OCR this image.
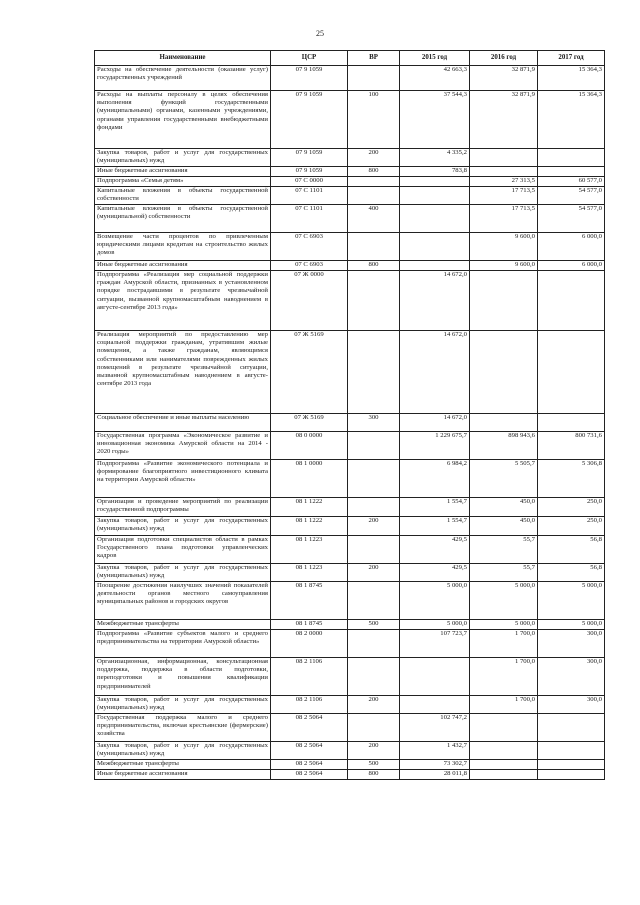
25
Наименование	ЦСР	ВР	2015 год	2016 год	2017 год
Расходы на обеспечение деятельности (оказание услуг) государственных учреждений	07 9 1059		42 663,3	32 871,9	15 364,3
Расходы на выплаты персоналу в целях обеспечения выполнения функций государственными (муниципальными) органами, казенными учреждениями, органами управления государственными внебюджетными фондами	07 9 1059	100	37 544,3	32 871,9	15 364,3
Закупка товаров, работ и услуг для государственных (муниципальных) нужд	07 9 1059	200	4 335,2		
Иные бюджетные ассигнования	07 9 1059	800	783,8		
Подпрограмма «Семья детям»	07 С 0000			27 313,5	60 577,0
Капитальные вложения в объекты государственной собственности	07 С 1101			17 713,5	54 577,0
Капитальные вложения в объекты государственной (муниципальной) собственности	07 С 1101	400		17 713,5	54 577,0
Возмещение части процентов по привлеченным юридическими лицами кредитам на строительство жилых домов	07 С 6903			9 600,0	6 000,0
Иные бюджетные ассигнования	07 С 6903	800		9 600,0	6 000,0
Подпрограмма «Реализация мер социальной поддержки граждан Амурской области, признанных в установленном порядке пострадавшими в результате чрезвычайной ситуации, вызванной крупномасштабным наводнением в августе-сентябре 2013 года»	07 Ж 0000		14 672,0		
Реализация мероприятий по предоставлению мер социальной поддержки гражданам, утратившим жилые помещения, а также гражданам, являющимся собственниками или нанимателями поврежденных жилых помещений в результате чрезвычайной ситуации, вызванной крупномасштабным наводнением в августе-сентябре 2013 года	07 Ж 5169		14 672,0		
Социальное обеспечение и иные выплаты населению	07 Ж 5169	300	14 672,0		
Государственная программа «Экономическое развитие и инновационная экономика Амурской области на 2014 - 2020 годы»	08 0 0000		1 229 675,7	898 943,6	800 731,6
Подпрограмма «Развитие экономического потенциала и формирование благоприятного инвестиционного климата на территории Амурской области»	08 1 0000		6 984,2	5 505,7	5 306,8
Организация и проведение мероприятий по реализации государственной подпрограммы	08 1 1222		1 554,7	450,0	250,0
Закупка товаров, работ и услуг для государственных (муниципальных) нужд	08 1 1222	200	1 554,7	450,0	250,0
Организация подготовки специалистов области в рамках Государственного плана подготовки управленческих кадров	08 1 1223		429,5	55,7	56,8
Закупка товаров, работ и услуг для государственных (муниципальных) нужд	08 1 1223	200	429,5	55,7	56,8
Поощрение достижения наилучших значений показателей деятельности органов местного самоуправления муниципальных районов и городских округов	08 1 8745		5 000,0	5 000,0	5 000,0
Межбюджетные трансферты	08 1 8745	500	5 000,0	5 000,0	5 000,0
Подпрограмма «Развитие субъектов малого и среднего предпринимательства на территории Амурской области»	08 2 0000		107 723,7	1 700,0	300,0
Организационная, информационная, консультационная поддержка, поддержка в области подготовки, переподготовки и повышения квалификации предпринимателей	08 2 1106			1 700,0	300,0
Закупка товаров, работ и услуг для государственных (муниципальных) нужд	08 2 1106	200		1 700,0	300,0
Государственная поддержка малого и среднего предпринимательства, включая крестьянские (фермерские) хозяйства	08 2 5064		102 747,2		
Закупка товаров, работ и услуг для государственных (муниципальных) нужд	08 2 5064	200	1 432,7		
Межбюджетные трансферты	08 2 5064	500	73 302,7		
Иные бюджетные ассигнования	08 2 5064	800	28 011,8		
